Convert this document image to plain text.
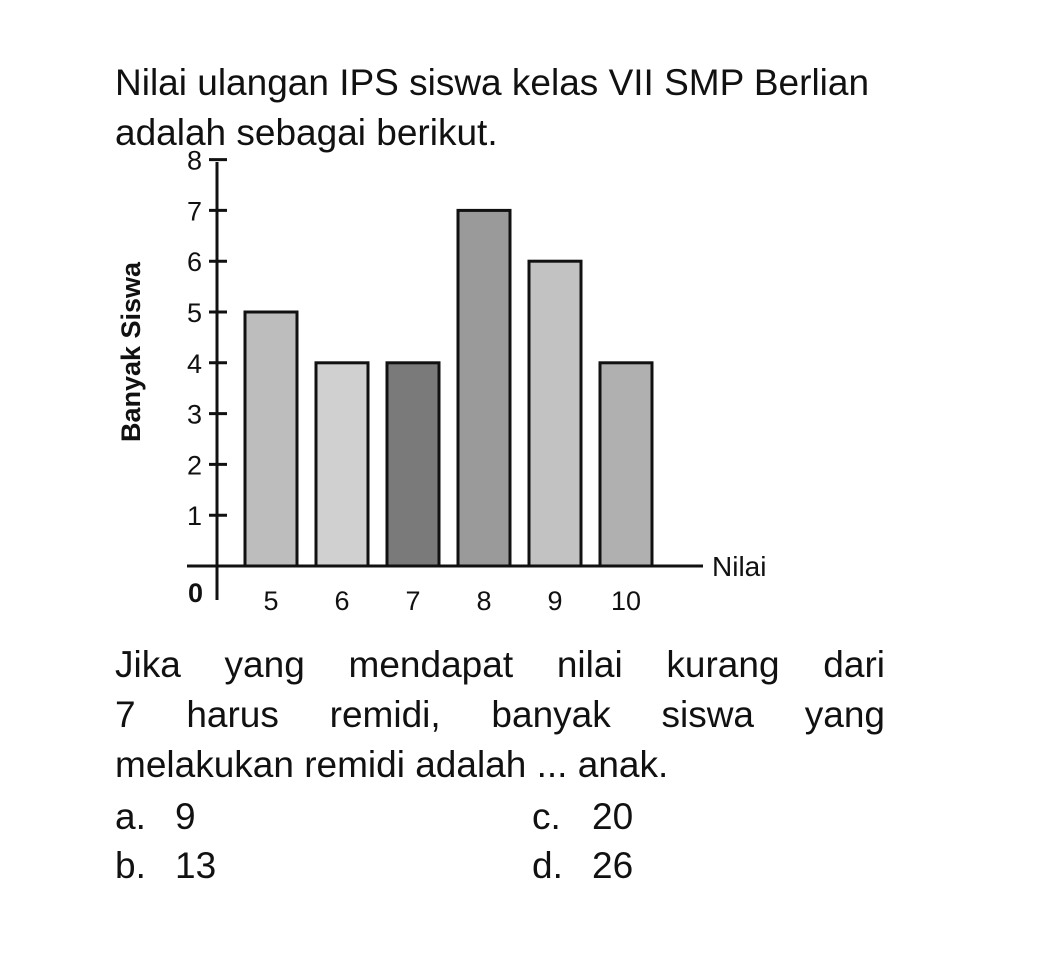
Nilai ulangan IPS siswa kelas VII SMP Berlian
adalah sebagai berikut.
0
1
2
3
4
5
6
7
8
5 6 7 8 9 10
Nilai
Banyak Siswa
Jika yang mendapat nilai kurang dari
7 harus remidi, banyak siswa yang
melakukan remidi adalah ... anak.
a. 9
b. 13
c. 20
d. 26
